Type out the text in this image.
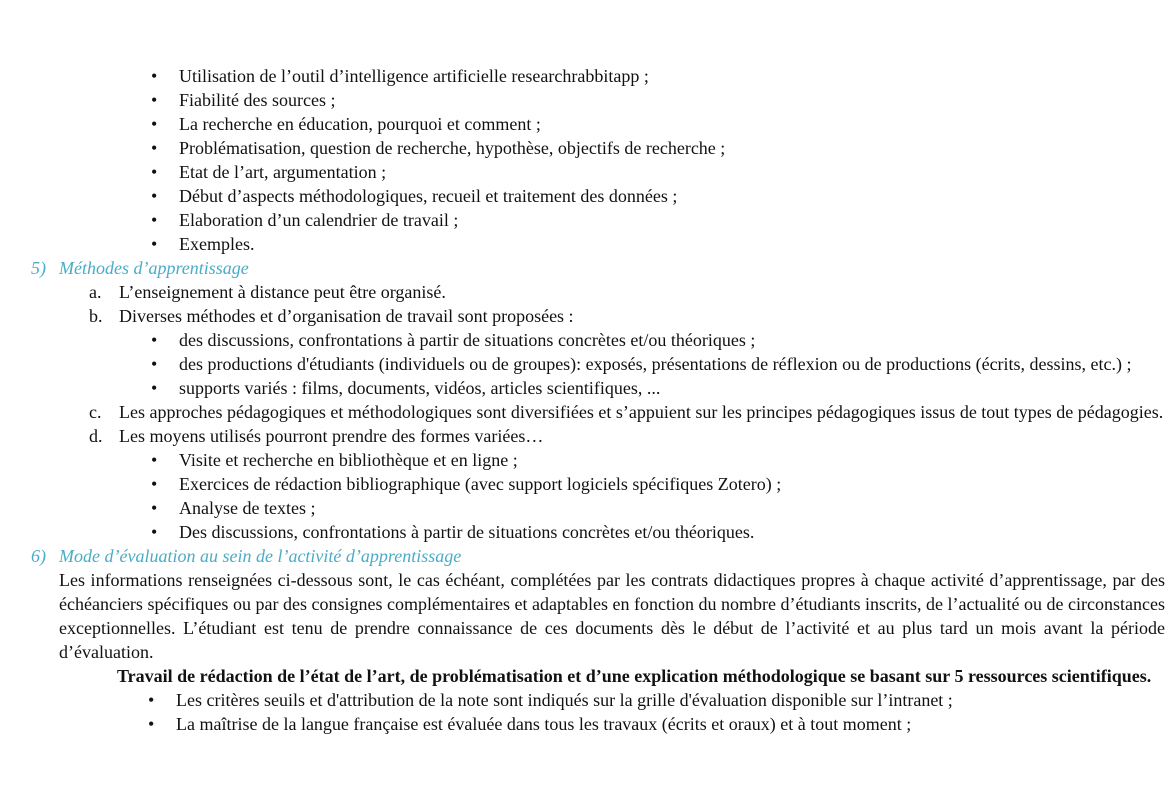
• Utilisation de l’outil d’intelligence artificielle researchrabbitapp ;
• Fiabilité des sources ;
• La recherche en éducation, pourquoi et comment ;
• Problématisation, question de recherche, hypothèse, objectifs de recherche ;
• Etat de l’art, argumentation ;
• Début d’aspects méthodologiques, recueil et traitement des données ;
• Elaboration d’un calendrier de travail ;
• Exemples.
5) Méthodes d’apprentissage
a. L’enseignement à distance peut être organisé.
b. Diverses méthodes et d’organisation de travail sont proposées :
• des discussions, confrontations à partir de situations concrètes et/ou théoriques ;
• des productions d'étudiants (individuels ou de groupes): exposés, présentations de réflexion ou de productions (écrits, dessins, etc.) ;
• supports variés : films, documents, vidéos, articles scientifiques, ...
c. Les approches pédagogiques et méthodologiques sont diversifiées et s’appuient sur les principes pédagogiques issus de tout types de pédagogies.
d. Les moyens utilisés pourront prendre des formes variées…
• Visite et recherche en bibliothèque et en ligne ;
• Exercices de rédaction bibliographique (avec support logiciels spécifiques Zotero) ;
• Analyse de textes ;
• Des discussions, confrontations à partir de situations concrètes et/ou théoriques.
6) Mode d’évaluation au sein de l’activité d’apprentissage
Les informations renseignées ci-dessous sont, le cas échéant, complétées par les contrats didactiques propres à chaque activité d’apprentissage, par des échéanciers spécifiques ou par des consignes complémentaires et adaptables en fonction du nombre d’étudiants inscrits, de l’actualité ou de circonstances exceptionnelles. L’étudiant est tenu de prendre connaissance de ces documents dès le début de l’activité et au plus tard un mois avant la période d’évaluation.
Travail de rédaction de l’état de l’art, de problématisation et d’une explication méthodologique se basant sur 5 ressources scientifiques.
• Les critères seuils et d'attribution de la note sont indiqués sur la grille d'évaluation disponible sur l’intranet ;
• La maîtrise de la langue française est évaluée dans tous les travaux (écrits et oraux) et à tout moment ;
